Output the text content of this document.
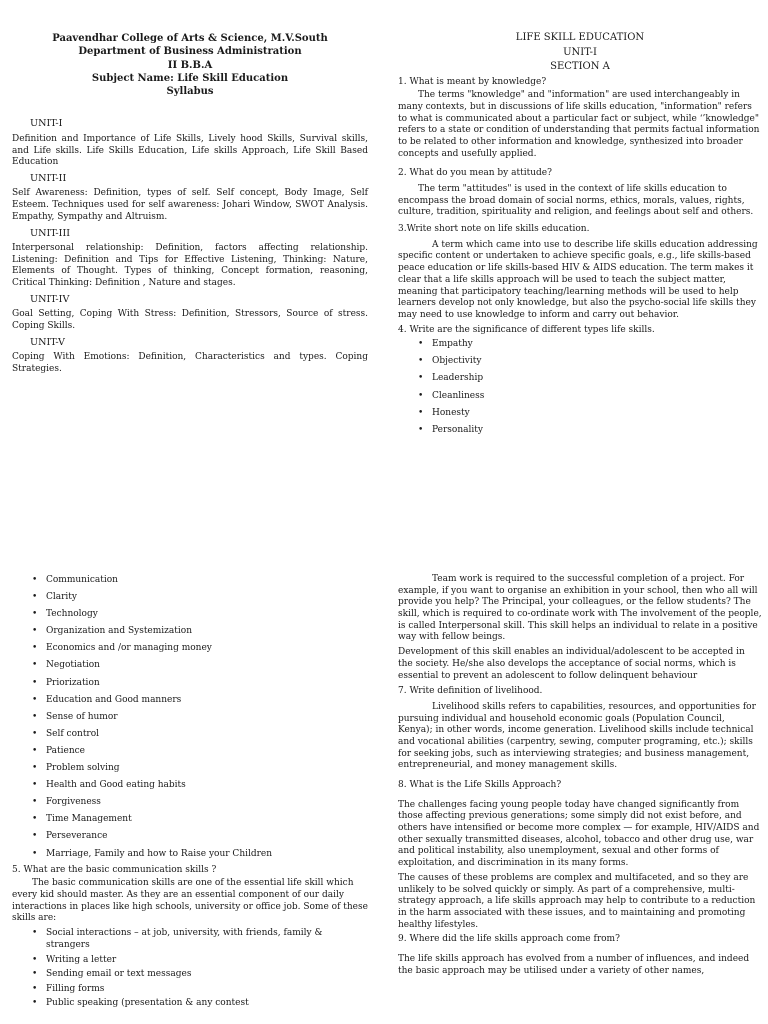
Paavendhar College of Arts & Science, M.V.South

Department of Business Administration

II B.B.A

Subject Name: Life Skill Education

Syllabus

UNIT-I

Definition and Importance of Life Skills, Lively hood Skills, Survival skills, and Life skills. Life Skills Education, Life skills Approach, Life Skill Based Education

UNIT-II

Self Awareness: Definition, types of self. Self concept, Body Image, Self Esteem. Techniques used for self awareness: Johari Window, SWOT Analysis. Empathy, Sympathy and Altruism.

UNIT-III

Interpersonal relationship: Definition, factors affecting relationship. Listening: Definition and Tips for Effective Listening, Thinking: Nature, Elements of Thought. Types of thinking, Concept formation, reasoning, Critical Thinking: Definition , Nature and stages.

UNIT-IV

Goal Setting, Coping With Stress: Definition, Stressors, Source of stress. Coping Skills.

UNIT-V

Coping With Emotions: Definition, Characteristics and types. Coping Strategies.

LIFE SKILL EDUCATION

UNIT-I

SECTION A

1. What is meant by knowledge?

The terms "knowledge" and "information" are used interchangeably in many contexts, but in discussions of life skills education, "information" refers to what is communicated about a particular fact or subject, while ‘’knowledge" refers to a state or condition of understanding that permits factual information to be related to other information and knowledge, synthesized into broader concepts and usefully applied.

2. What do you mean by attitude?

The term "attitudes" is used in the context of life skills education to encompass the broad domain of social norms, ethics, morals, values, rights, culture, tradition, spirituality and religion, and feelings about self and others.

3.Write short note on life skills education.

A term which came into use to describe life skills education addressing specific content or undertaken to achieve specific goals, e.g., life skills-based peace education or life skills-based HIV & AIDS education. The term makes it clear that a life skills approach will be used to teach the subject matter, meaning that participatory teaching/learning methods will be used to help learners develop not only knowledge, but also the psycho-social life skills they may need to use knowledge to inform and carry out behavior.

4. Write are the significance of different types life skills.

• Empathy
• Objectivity
• Leadership
• Cleanliness
• Honesty
• Personality
• Communication
• Clarity
• Technology
• Organization and Systemization
• Economics and /or managing money
• Negotiation
• Priorization
• Education and Good manners
• Sense of humor
• Self control
• Patience
• Problem solving
• Health and Good eating habits
• Forgiveness
• Time Management
• Perseverance
• Marriage, Family and how to Raise your Children

5. What are the basic communication skills ?

The basic communication skills are one of the essential life skill which every kid should master. As they are an essential component of our daily interactions in places like high schools, university or office job. Some of these skills are:

• Social interactions – at job, university, with friends, family & strangers
• Writing a letter
• Sending email or text messages
• Filling forms
• Public speaking (presentation & any contest

Team work is required to the successful completion of a project. For example, if you want to organise an exhibition in your school, then who all will provide you help? The Principal, your colleagues, or the fellow students? The skill, which is required to co-ordinate work with The involvement of the people, is called Interpersonal skill. This skill helps an individual to relate in a positive way with fellow beings.

Development of this skill enables an individual/adolescent to be accepted in the society. He/she also develops the acceptance of social norms, which is essential to prevent an adolescent to follow delinquent behaviour

7. Write definition of livelihood.

Livelihood skills refers to capabilities, resources, and opportunities for pursuing individual and household economic goals (Population Council, Kenya); in other words, income generation. Livelihood skills include technical and vocational abilities (carpentry, sewing, computer programing, etc.); skills for seeking jobs, such as interviewing strategies; and business management, entrepreneurial, and money management skills.

8. What is the Life Skills Approach?

The challenges facing young people today have changed significantly from those affecting previous generations; some simply did not exist before, and others have intensified or become more complex — for example, HIV/AIDS and other sexually transmitted diseases, alcohol, tobacco and other drug use, war and political instability, also unemployment, sexual and other forms of exploitation, and discrimination in its many forms.

The causes of these problems are complex and multifaceted, and so they are unlikely to be solved quickly or simply. As part of a comprehensive, multi-strategy approach, a life skills approach may help to contribute to a reduction in the harm associated with these issues, and to maintaining and promoting healthy lifestyles.

9. Where did the life skills approach come from?

The life skills approach has evolved from a number of influences, and indeed the basic approach may be utilised under a variety of other names,
